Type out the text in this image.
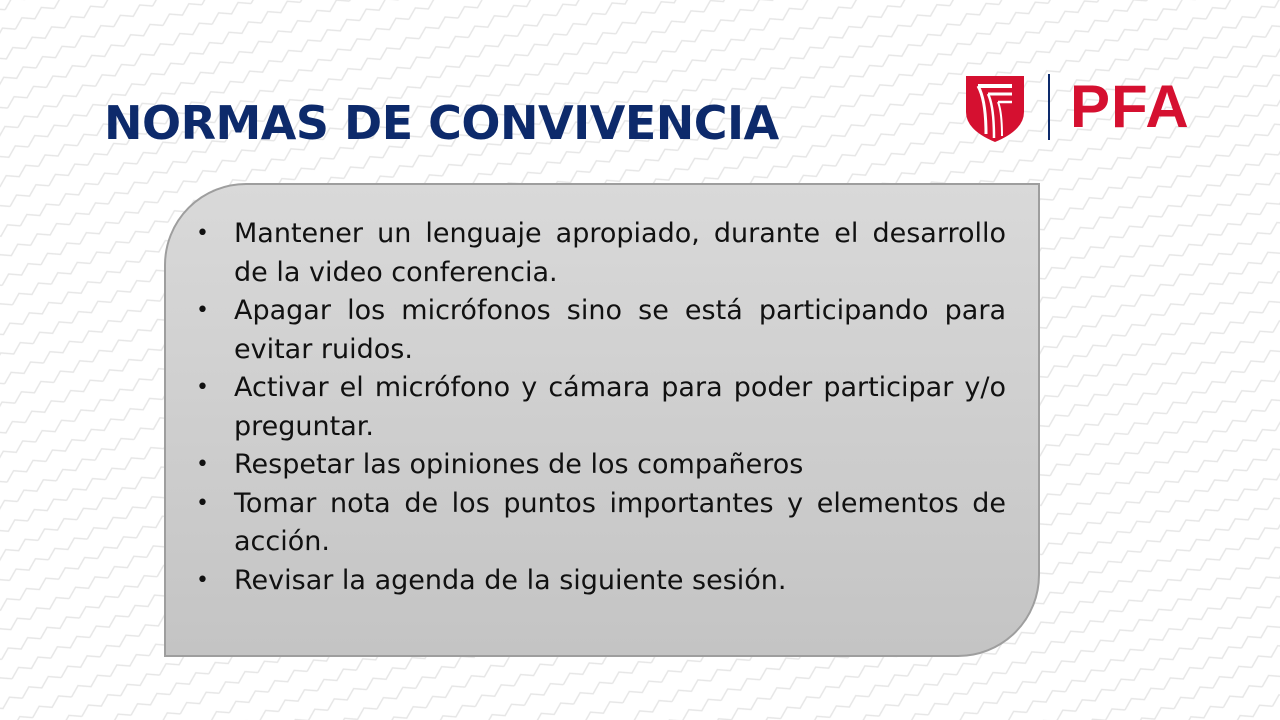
NORMAS DE CONVIVENCIA	PFA
• Mantener un lenguaje apropiado, durante el desarrollo de la video conferencia.
• Apagar los micrófonos sino se está participando para evitar ruidos.
• Activar el micrófono y cámara para poder participar y/o preguntar.
• Respetar las opiniones de los compañeros
• Tomar nota de los puntos importantes y elementos de acción.
• Revisar la agenda de la siguiente sesión.
